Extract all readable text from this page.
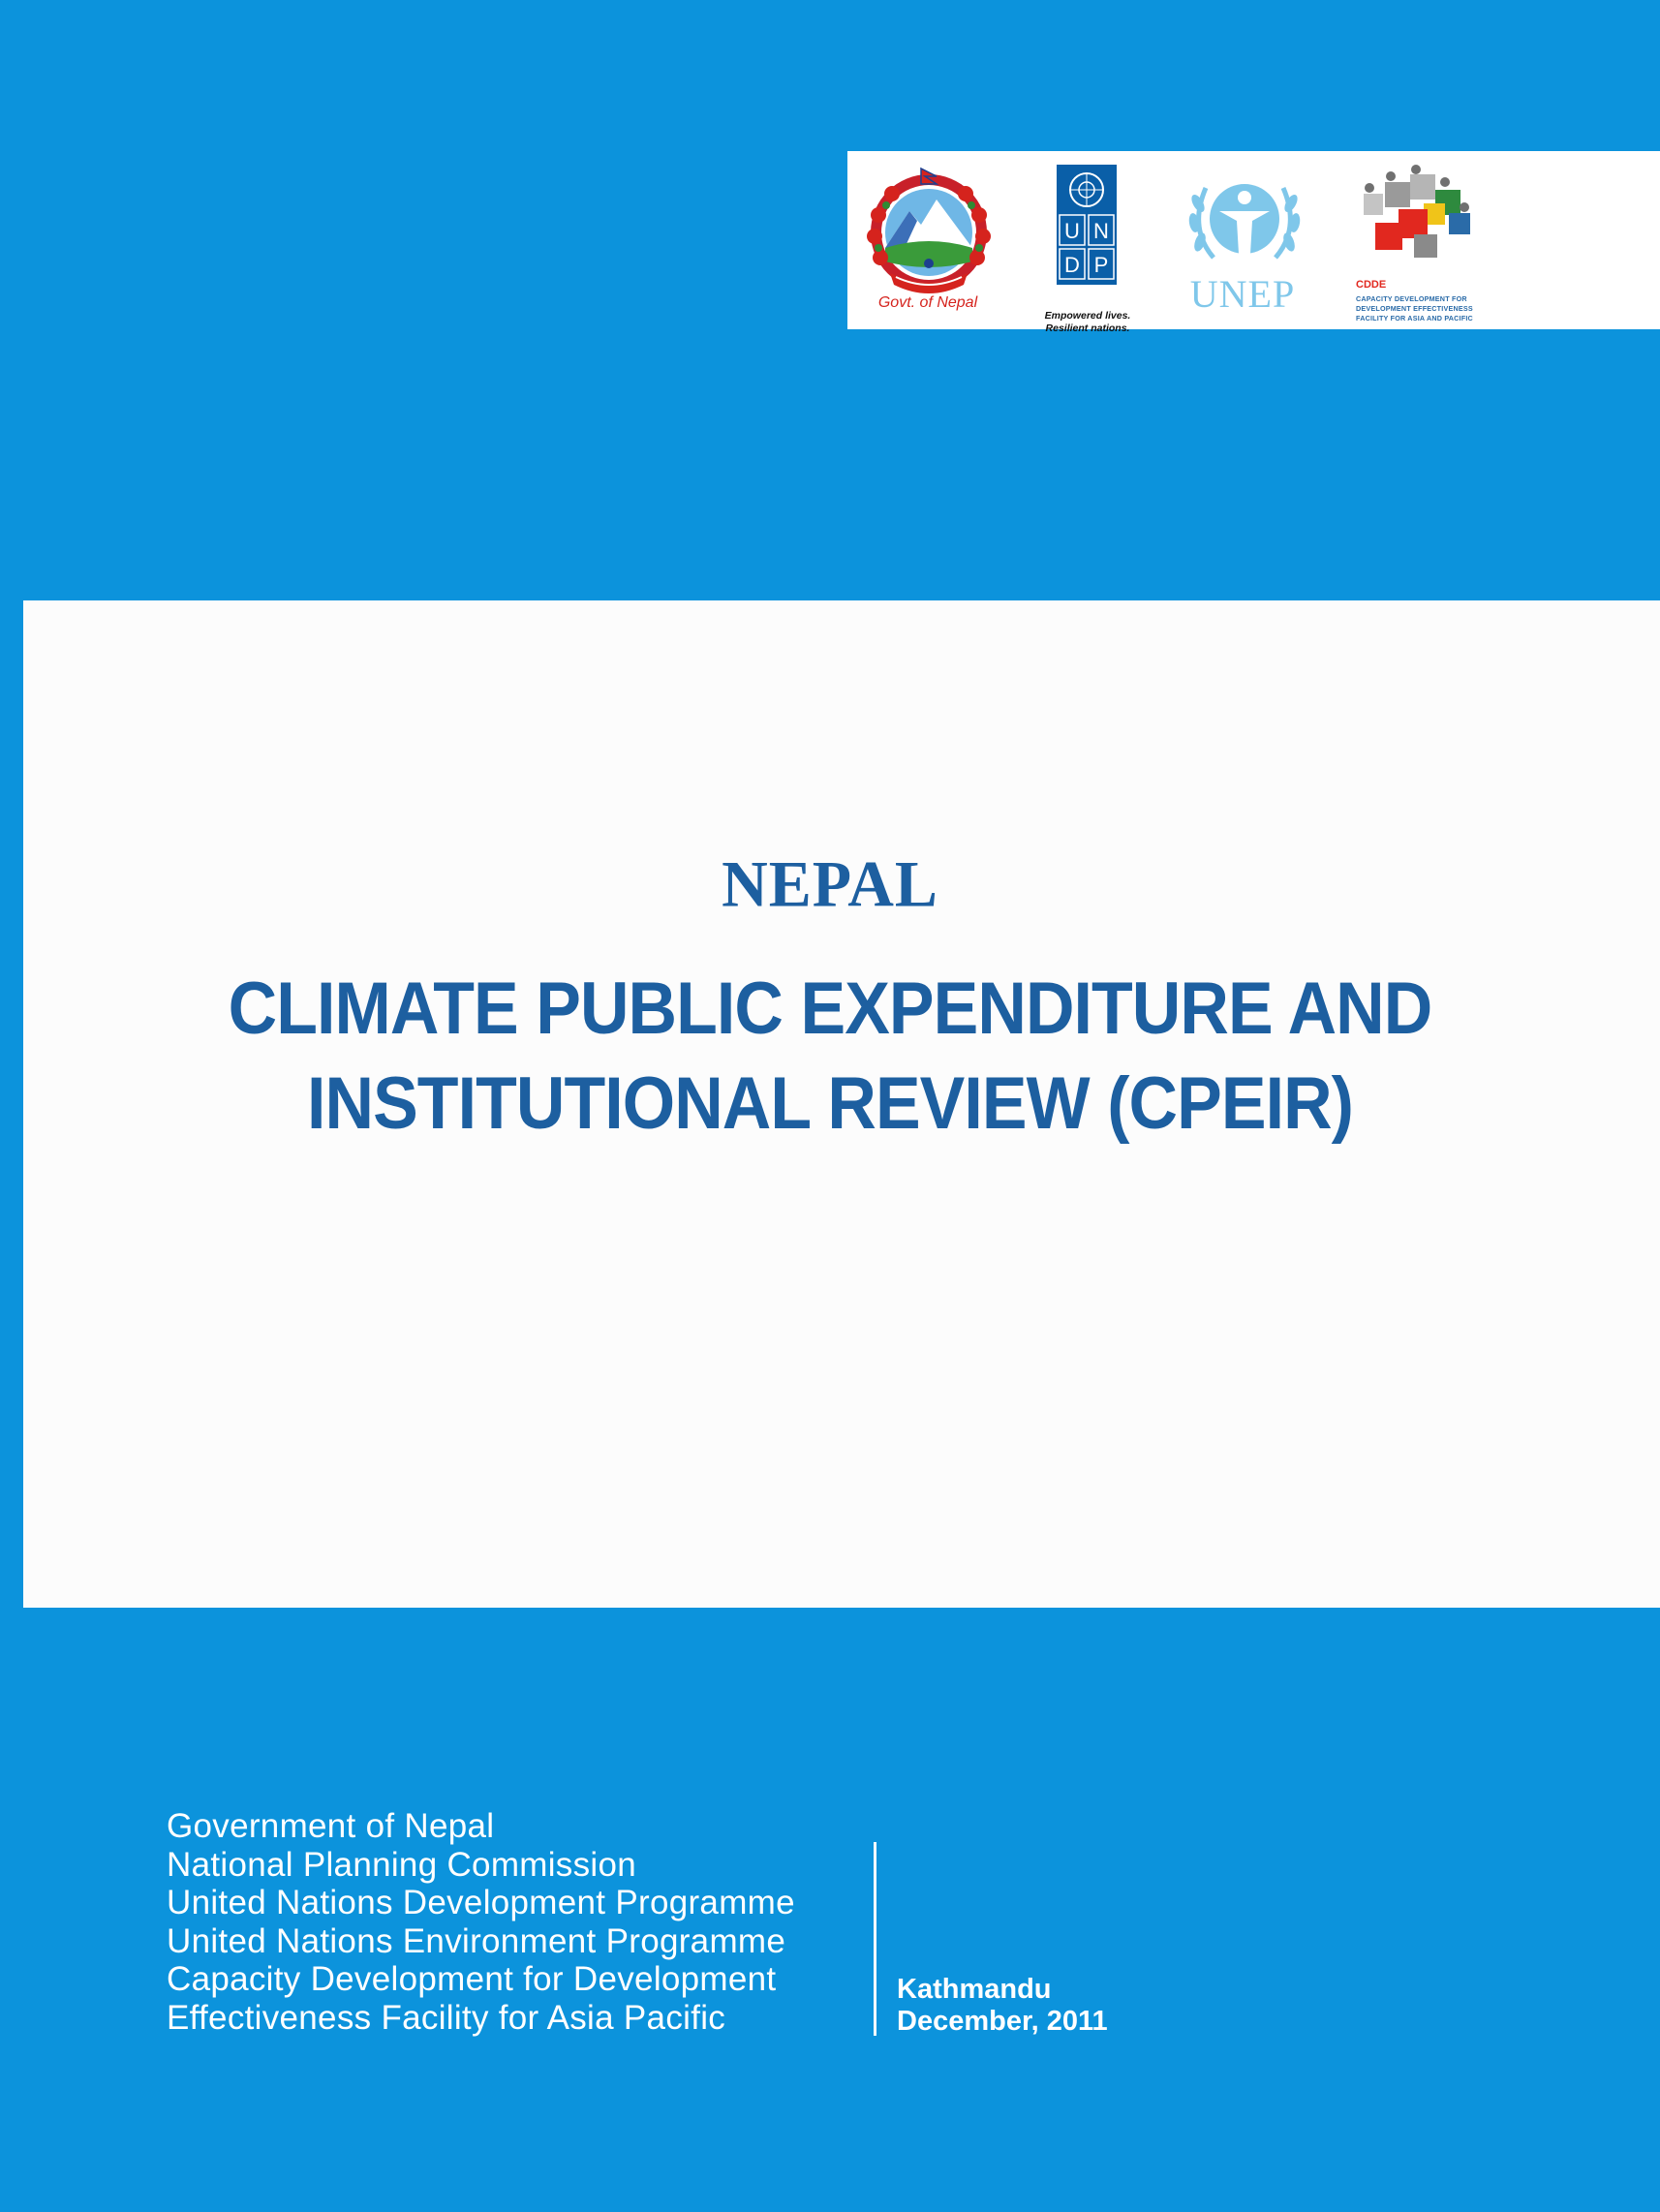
Govt. of Nepal
U N
D P
Empowered lives.
Resilient nations.
UNEP	CDDE
CAPACITY DEVELOPMENT FOR
DEVELOPMENT EFFECTIVENESS
FACILITY FOR ASIA AND PACIFIC
NEPAL
CLIMATE PUBLIC EXPENDITURE AND
INSTITUTIONAL REVIEW (CPEIR)
Government of Nepal
National Planning Commission
United Nations Development Programme
United Nations Environment Programme
Capacity Development for Development
Effectiveness Facility for Asia Pacific
Kathmandu
December, 2011
